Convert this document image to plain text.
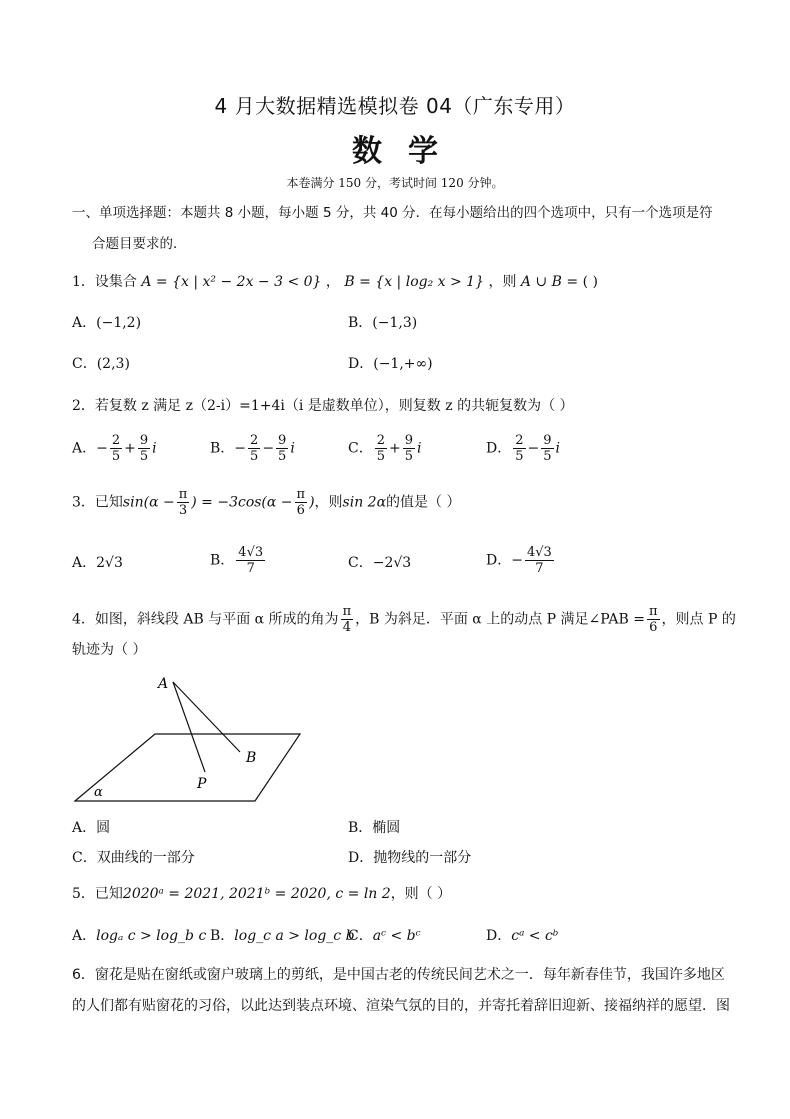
4 月大数据精选模拟卷 04（广东专用）
数学
本卷满分 150 分，考试时间 120 分钟。
一、单项选择题：本题共 8 小题，每小题 5 分，共 40 分．在每小题给出的四个选项中，只有一个选项是符
合题目要求的．
1．设集合 A = {x | x² − 2x − 3 < 0} ， B = {x | log₂ x > 1} ，则 A ∪ B = ( )
A．(−1,2)	B．(−1,3)
C．(2,3)	D．(−1,+∞)
2．若复数 z 满足 z（2-i）=1+4i（i 是虚数单位），则复数 z 的共轭复数为（ ）
A．− $\frac{2}{5} + \frac{9}{5}$ i	B．− $\frac{2}{5} - \frac{9}{5}$ i	C． $\frac{2}{5} + \frac{9}{5}$ i	D． $\frac{2}{5} - \frac{9}{5}$ i
3．已知$\sin(\alpha - \frac{\pi}{3}$ ) = $-3\cos(\alpha - \frac{\pi}{6}$ )，则sin 2α的值是（ ）
A．2√3	B． $\frac{4√3}{7}$	C．−2√3	D．− $\frac{4√3}{7}$
4．如图，斜线段 AB 与平面 α 所成的角为 $\frac{\pi}{4}$ ，B 为斜足．平面 α 上的动点 P 满足∠PAB = $\frac{\pi}{6}$ ，则点 P 的
轨迹为（ ）
A
B
P
α
A．圆	B．椭圆
C．双曲线的一部分	D．抛物线的一部分
5．已知2020ᵃ = 2021, 2021ᵇ = 2020, c = ln 2，则（ ）
A．logₐ c > log_b c B．log_c a > log_c b
C．aᶜ < bᶜ	D．cᵃ < cᵇ
6．窗花是贴在窗纸或窗户玻璃上的剪纸，是中国古老的传统民间艺术之一．每年新春佳节，我国许多地区
的人们都有贴窗花的习俗，以此达到装点环境、渲染气氛的目的，并寄托着辞旧迎新、接福纳祥的愿望．图
